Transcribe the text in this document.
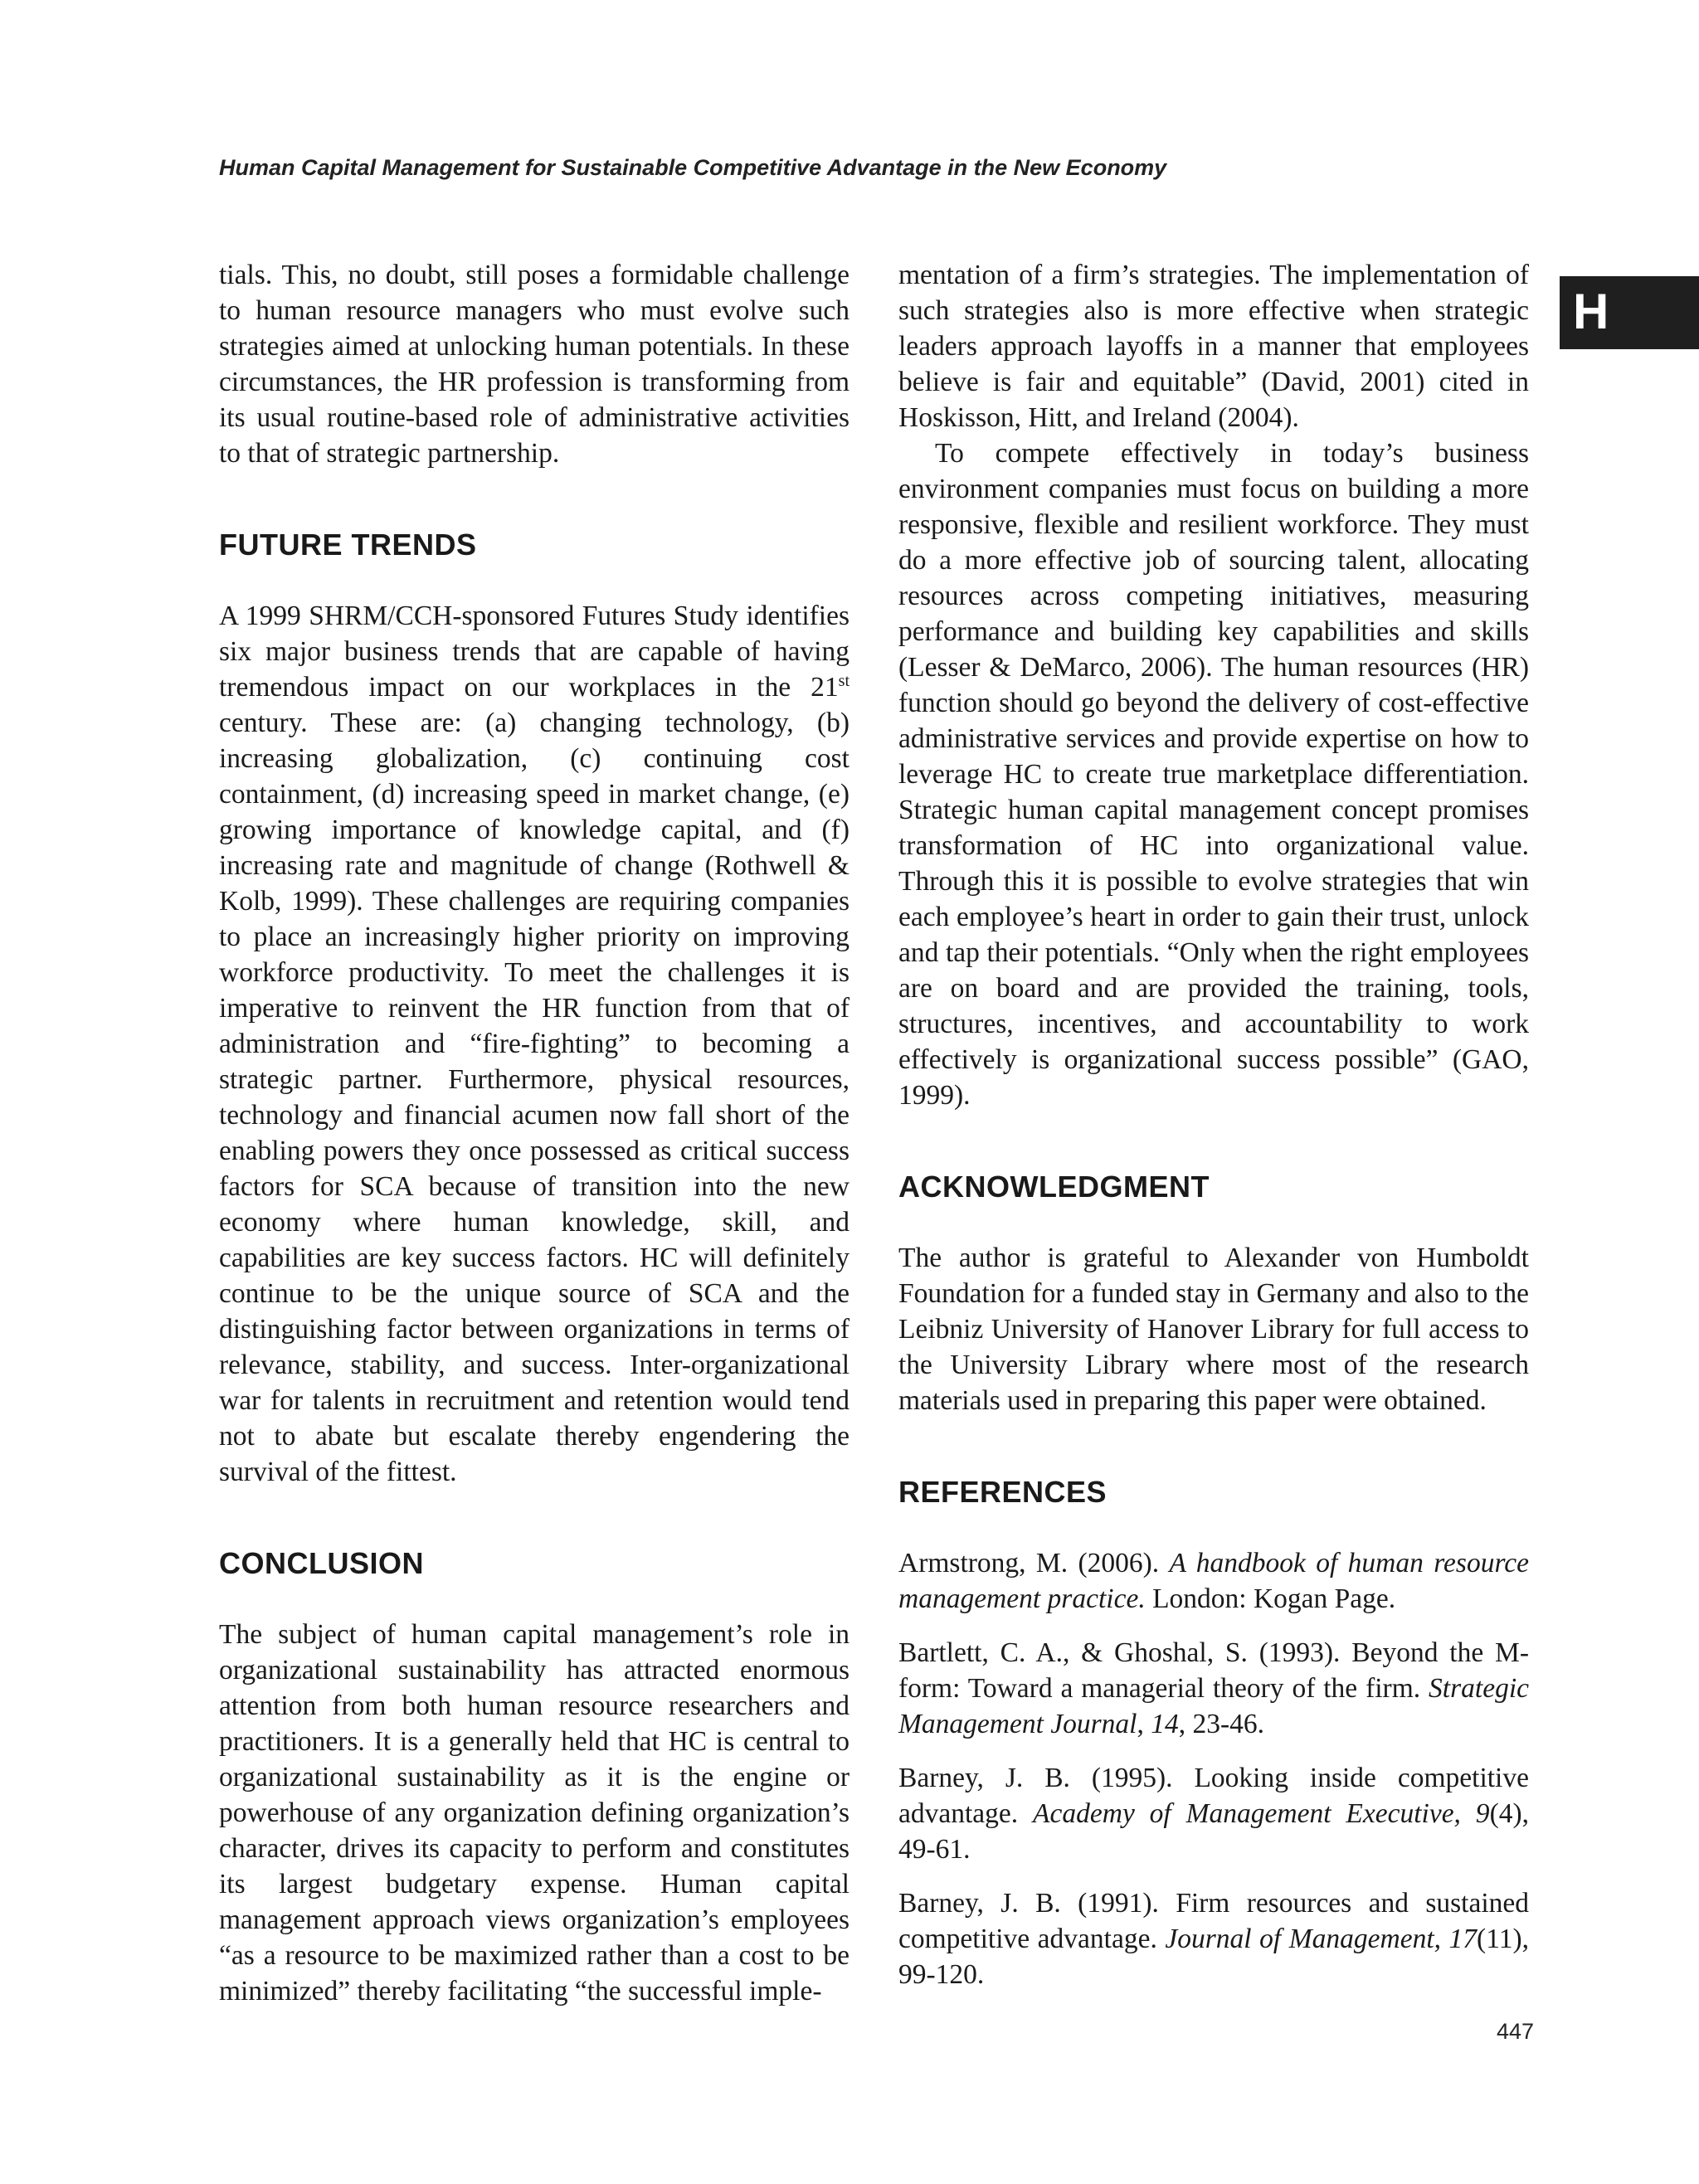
Human Capital Management for Sustainable Competitive Advantage in the New Economy
H

tials. This, no doubt, still poses a formidable challenge to human resource managers who must evolve such strategies aimed at unlocking human potentials. In these circumstances, the HR profession is transforming from its usual routine-based role of administrative activities to that of strategic partnership.

FUTURE TRENDS

A 1999 SHRM/CCH-sponsored Futures Study identifies six major business trends that are capable of having tremendous impact on our workplaces in the 21st century. These are: (a) changing technology, (b) increasing globalization, (c) continuing cost containment, (d) increasing speed in market change, (e) growing importance of knowledge capital, and (f) increasing rate and magnitude of change (Rothwell & Kolb, 1999). These challenges are requiring companies to place an increasingly higher priority on improving workforce productivity. To meet the challenges it is imperative to reinvent the HR function from that of administration and “fire-fighting” to becoming a strategic partner. Furthermore, physical resources, technology and financial acumen now fall short of the enabling powers they once possessed as critical success factors for SCA because of transition into the new economy where human knowledge, skill, and capabilities are key success factors. HC will definitely continue to be the unique source of SCA and the distinguishing factor between organizations in terms of relevance, stability, and success. Inter-organizational war for talents in recruitment and retention would tend not to abate but escalate thereby engendering the survival of the fittest.

CONCLUSION

The subject of human capital management’s role in organizational sustainability has attracted enormous attention from both human resource researchers and practitioners. It is a generally held that HC is central to organizational sustainability as it is the engine or powerhouse of any organization defining organization’s character, drives its capacity to perform and constitutes its largest budgetary expense. Human capital management approach views organization’s employees “as a resource to be maximized rather than a cost to be minimized” thereby facilitating “the successful imple-

mentation of a firm’s strategies. The implementation of such strategies also is more effective when strategic leaders approach layoffs in a manner that employees believe is fair and equitable” (David, 2001) cited in Hoskisson, Hitt, and Ireland (2004).

To compete effectively in today’s business environment companies must focus on building a more responsive, flexible and resilient workforce. They must do a more effective job of sourcing talent, allocating resources across competing initiatives, measuring performance and building key capabilities and skills (Lesser & DeMarco, 2006). The human resources (HR) function should go beyond the delivery of cost-effective administrative services and provide expertise on how to leverage HC to create true marketplace differentiation. Strategic human capital management concept promises transformation of HC into organizational value. Through this it is possible to evolve strategies that win each employee’s heart in order to gain their trust, unlock and tap their potentials. “Only when the right employees are on board and are provided the training, tools, structures, incentives, and accountability to work effectively is organizational success possible” (GAO, 1999).

ACKNOWLEDGMENT

The author is grateful to Alexander von Humboldt Foundation for a funded stay in Germany and also to the Leibniz University of Hanover Library for full access to the University Library where most of the research materials used in preparing this paper were obtained.

REFERENCES

Armstrong, M. (2006). A handbook of human resource management practice. London: Kogan Page.

Bartlett, C. A., & Ghoshal, S. (1993). Beyond the M-form: Toward a managerial theory of the firm. Strategic Management Journal, 14, 23-46.

Barney, J. B. (1995). Looking inside competitive advantage. Academy of Management Executive, 9(4), 49-61.

Barney, J. B. (1991). Firm resources and sustained competitive advantage. Journal of Management, 17(11), 99-120.

447
